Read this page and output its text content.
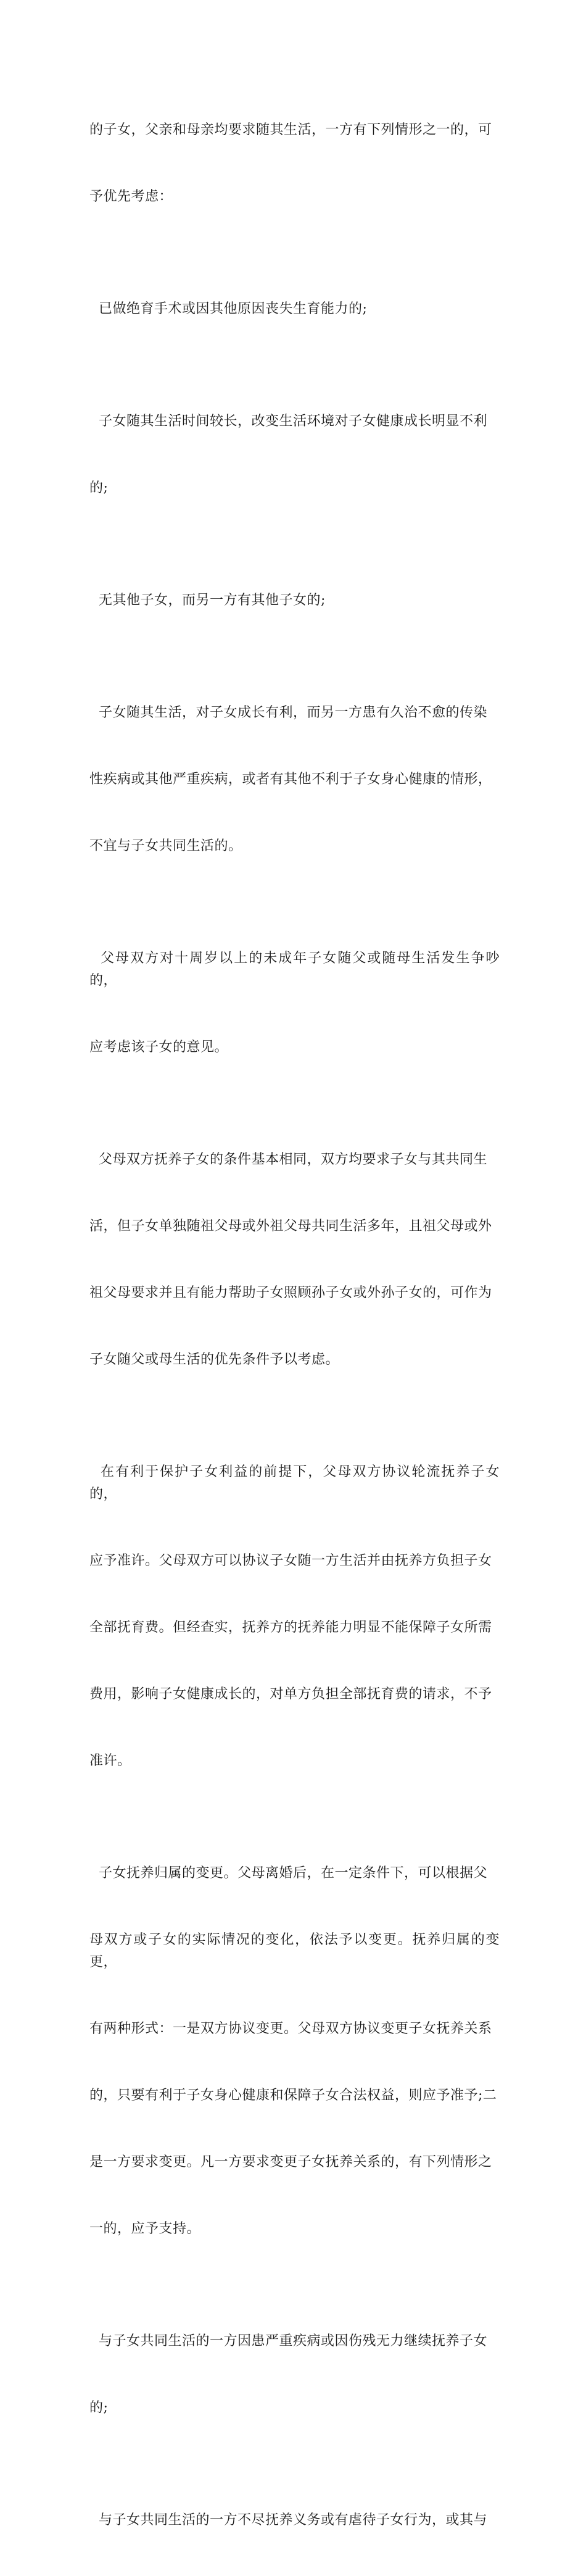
的子女，父亲和母亲均要求随其生活，一方有下列情形之一的，可

予优先考虑：

已做绝育手术或因其他原因丧失生育能力的;

子女随其生活时间较长，改变生活环境对子女健康成长明显不利

的;

无其他子女，而另一方有其他子女的;

子女随其生活，对子女成长有利，而另一方患有久治不愈的传染

性疾病或其他严重疾病，或者有其他不利于子女身心健康的情形，

不宜与子女共同生活的。

父母双方对十周岁以上的未成年子女随父或随母生活发生争吵的，

应考虑该子女的意见。

父母双方抚养子女的条件基本相同，双方均要求子女与其共同生

活，但子女单独随祖父母或外祖父母共同生活多年，且祖父母或外

祖父母要求并且有能力帮助子女照顾孙子女或外孙子女的，可作为

子女随父或母生活的优先条件予以考虑。

在有利于保护子女利益的前提下，父母双方协议轮流抚养子女的，

应予准许。父母双方可以协议子女随一方生活并由抚养方负担子女

全部抚育费。但经查实，抚养方的抚养能力明显不能保障子女所需

费用，影响子女健康成长的，对单方负担全部抚育费的请求，不予

准许。

子女抚养归属的变更。父母离婚后，在一定条件下，可以根据父

母双方或子女的实际情况的变化，依法予以变更。抚养归属的变更，

有两种形式：一是双方协议变更。父母双方协议变更子女抚养关系

的，只要有利于子女身心健康和保障子女合法权益，则应予准予;二

是一方要求变更。凡一方要求变更子女抚养关系的，有下列情形之

一的，应予支持。

与子女共同生活的一方因患严重疾病或因伤残无力继续抚养子女

的;

与子女共同生活的一方不尽抚养义务或有虐待子女行为，或其与
